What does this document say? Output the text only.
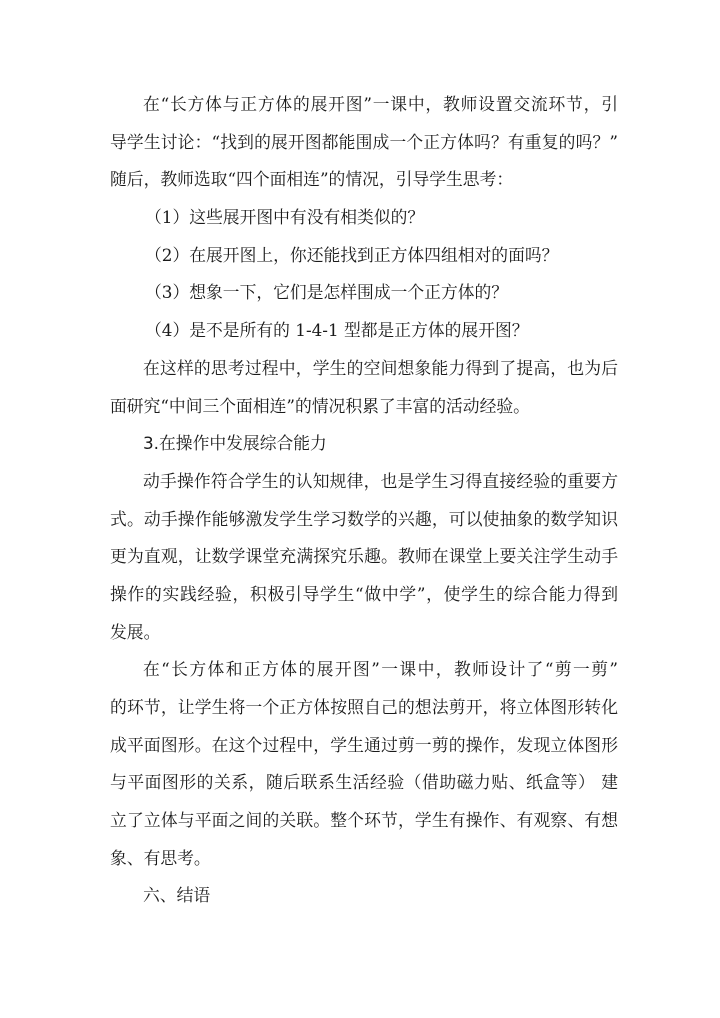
在“长方体与正方体的展开图”一课中，教师设置交流环节，引
导学生讨论：“找到的展开图都能围成一个正方体吗？有重复的吗？”
随后，教师选取“四个面相连”的情况，引导学生思考：
（1）这些展开图中有没有相类似的？
（2）在展开图上，你还能找到正方体四组相对的面吗？
（3）想象一下，它们是怎样围成一个正方体的？
（4）是不是所有的 1-4-1 型都是正方体的展开图？
在这样的思考过程中，学生的空间想象能力得到了提高，也为后
面研究“中间三个面相连”的情况积累了丰富的活动经验。
3.在操作中发展综合能力
动手操作符合学生的认知规律，也是学生习得直接经验的重要方
式。动手操作能够激发学生学习数学的兴趣，可以使抽象的数学知识
更为直观，让数学课堂充满探究乐趣。教师在课堂上要关注学生动手
操作的实践经验，积极引导学生“做中学”，使学生的综合能力得到
发展。
在“长方体和正方体的展开图”一课中，教师设计了“剪一剪”
的环节，让学生将一个正方体按照自己的想法剪开，将立体图形转化
成平面图形。在这个过程中，学生通过剪一剪的操作，发现立体图形
与平面图形的关系，随后联系生活经验（借助磁力贴、纸盒等） 建
立了立体与平面之间的关联。整个环节，学生有操作、有观察、有想
象、有思考。
六、结语
